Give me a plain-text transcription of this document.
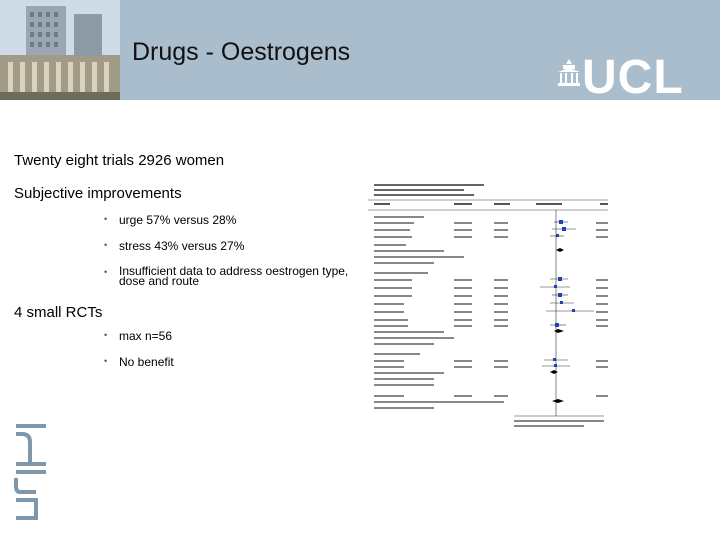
Drugs - Oestrogens	UCL
Twenty eight trials 2926 women
Subjective improvements
• urge 57% versus 28%
• stress 43% versus 27%
• Insufficient data to address oestrogen type,
dose and route
4 small RCTs
• max n=56
• No benefit
ucl h
